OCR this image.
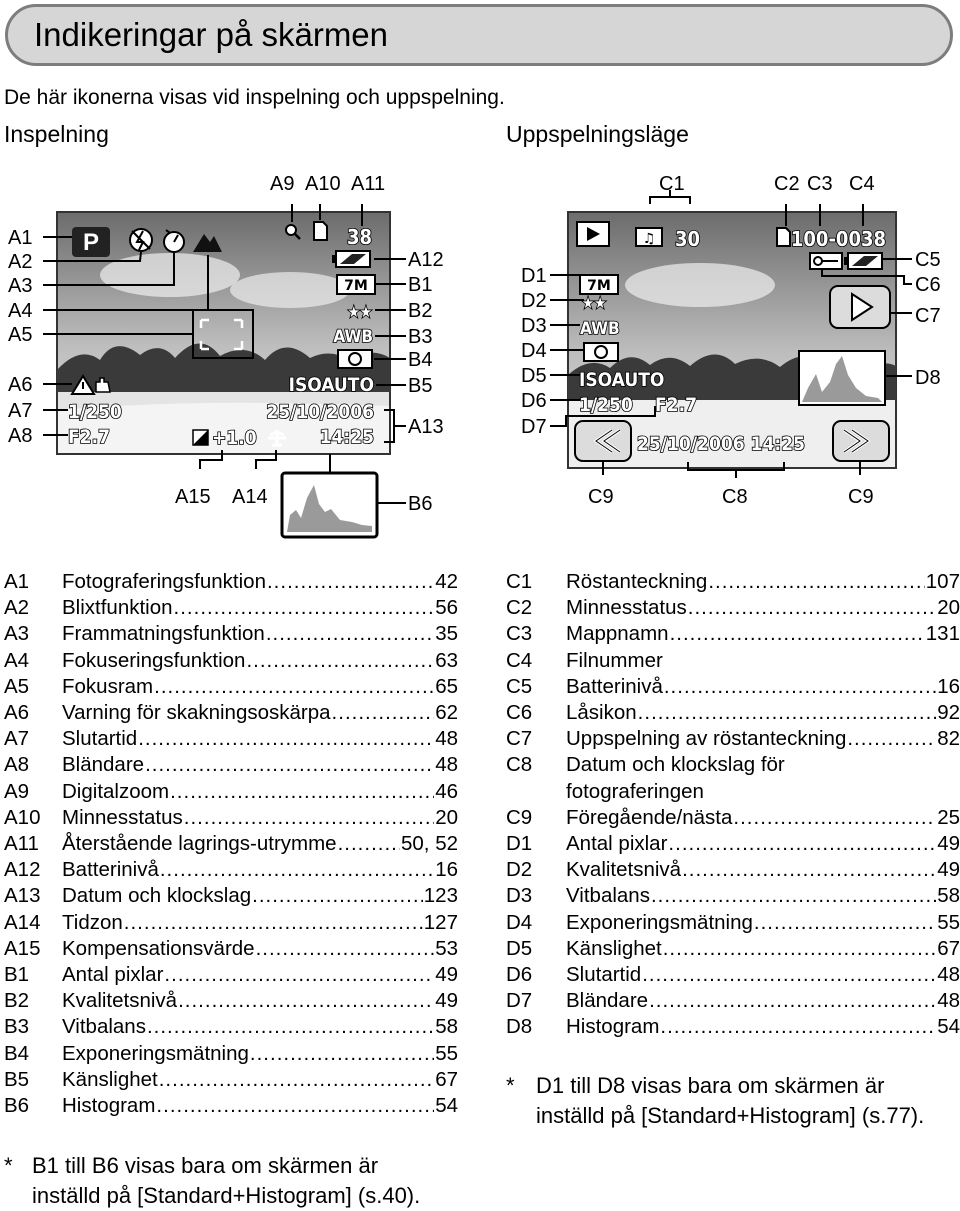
Indikeringar på skärmen
De här ikonerna visas vid inspelning och uppspelning.
Inspelning	Uppspelningsläge
P	38
7M
★★
AWB
ISOAUTO
25/10/2006
14:25
1/250
F2.7	+1.0
A1
A2
A3
A4
A5
A6
A7
A8
A9 A10 A11
A12
A13
A14
A15
B1
B2
B3
B4
B5
B6
♫ 30	100-0038
7M
★★
AWB
ISOAUTO
1/250 F2.7
25/10/2006 14:25
C1	C2 C3 C4
C5
C6
C7
C8
C9	C9
D8
D1
D2
D3
D4
D5
D6
D7
A1 Fotograferingsfunktion .....	42
A2 Blixtfunktion .....	56
A3 Frammatningsfunktion .....	35
A4 Fokuseringsfunktion .....	63
A5 Fokusram .....	65
A6 Varning för skakningsoskärpa .....	62
A7 Slutartid .....	48
A8 Bländare .....	48
A9 Digitalzoom .....	46
A10 Minnesstatus .....	20
A11 Återstående lagrings-utrymme .....	50, 52
A12 Batterinivå .....	16
A13 Datum och klockslag .....	123
A14 Tidzon .....	127
A15 Kompensationsvärde .....	53
B1 Antal pixlar .....	49
B2 Kvalitetsnivå .....	49
B3 Vitbalans .....	58
B4 Exponeringsmätning .....	55
B5 Känslighet .....	67
B6 Histogram .....	54
C1 Röstanteckning .....	107
C2 Minnesstatus .....	20
C3 Mappnamn .....	131
C4 Filnummer
C5 Batterinivå .....	16
C6 Låsikon .....	92
C7 Uppspelning av röstanteckning .....	82
C8 Datum och klockslag för
fotograferingen
C9 Föregående/nästa .....	25
D1 Antal pixlar .....	49
D2 Kvalitetsnivå .....	49
D3 Vitbalans .....	58
D4 Exponeringsmätning .....	55
D5 Känslighet .....	67
D6 Slutartid .....	48
D7 Bländare .....	48
D8 Histogram .....	54
* D1 till D8 visas bara om skärmen är
inställd på [Standard+Histogram] (s.77).
* B1 till B6 visas bara om skärmen är
inställd på [Standard+Histogram] (s.40).
